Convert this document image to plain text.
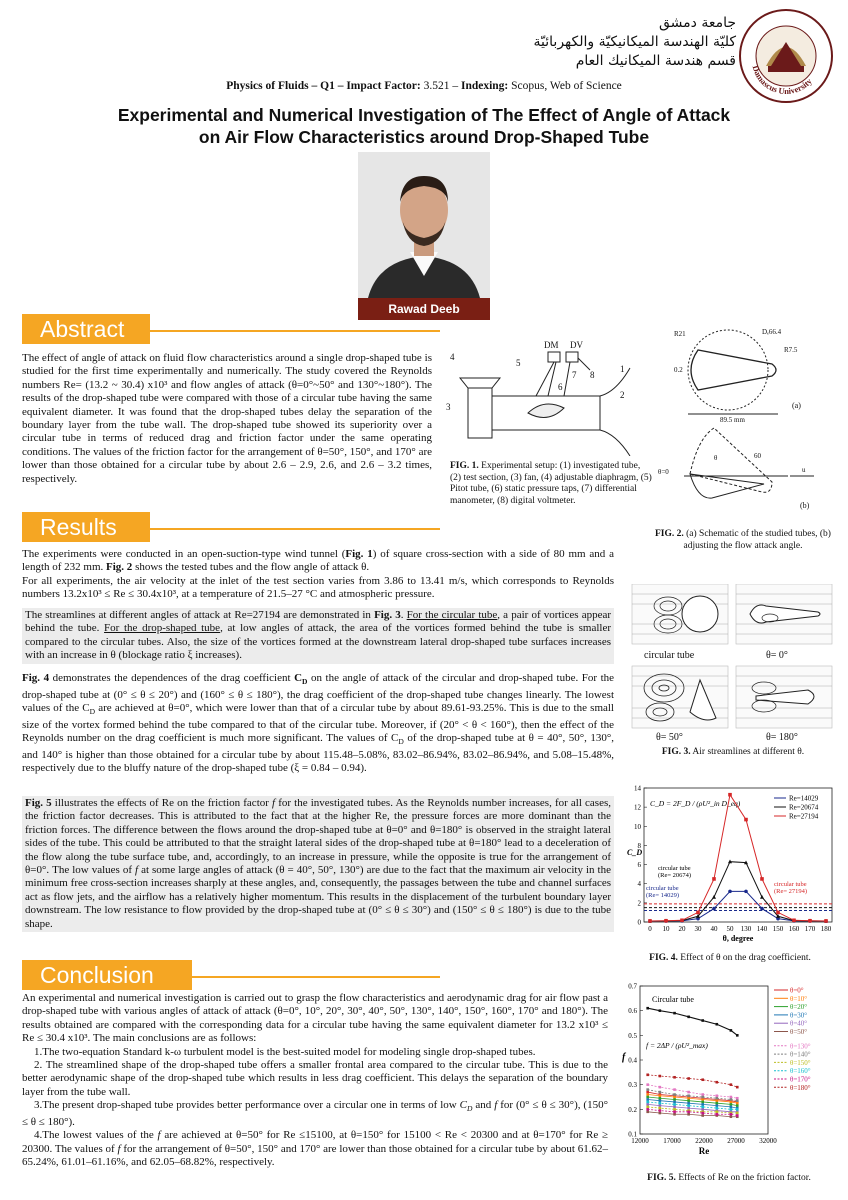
جامعة دمشق
كليّة الهندسة الميكانيكيّة والكهربائيّة
قسم هندسة الميكانيك العام Damascus University
Physics of Fluids – Q1 – Impact Factor: 3.521 – Indexing: Scopus, Web of Science
Experimental and Numerical Investigation of The Effect of Angle of Attack
on Air Flow Characteristics around Drop-Shaped Tube
Rawad Deeb
Abstract

The effect of angle of attack on fluid flow characteristics around a single drop-shaped tube is studied for the first time experimentally and numerically. The study covered the Reynolds numbers Re= (13.2 ~ 30.4) x10³ and flow angles of attack (θ=0°~50° and 130°~180°). The results of the drop-shaped tube were compared with those of a circular tube having the same equivalent diameter. It was found that the drop-shaped tubes delay the separation of the boundary layer from the tube wall. The drop-shaped tube showed its superiority over a circular tube in terms of reduced drag and friction factor under the same operating conditions. The values of the friction factor for the arrangement of θ=50°, 150°, and 170° are lower than those obtained for a circular tube by about 2.6 – 2.9, 2.6, and 2.6 – 3.2 times, respectively.

1
2
3
4
5
6
7 8
DM DV
FIG. 1. Experimental setup: (1) investigated tube, (2) test section, (3) fan, (4) adjustable diaphragm, (5) Pitot tube, (6) static pressure taps, (7) differential manometer, (8) digital voltmeter.
R21	Dₑ66.4
R7.5
0.2
89.5 mm
θ=0
θ
u
60
(a)
(b)
FIG. 2. (a) Schematic of the studied tubes, (b) adjusting the flow attack angle.
Results

The experiments were conducted in an open-suction-type wind tunnel (Fig. 1) of square cross-section with a side of 80 mm and a length of 232 mm. Fig. 2 shows the tested tubes and the flow angle of attack θ.

For all experiments, the air velocity at the inlet of the test section varies from 3.86 to 13.41 m/s, which corresponds to Reynolds numbers 13.2x10³ ≤ Re ≤ 30.4x10³, at a temperature of 21.5–27 °C and atmospheric pressure.

The streamlines at different angles of attack at Re=27194 are demonstrated in Fig. 3. For the circular tube, a pair of vortices appear behind the tube. For the drop-shaped tube, at low angles of attack, the area of the vortices formed behind the tube is smaller compared to the circular tubes. Also, the size of the vortices formed at the downstream lateral drop-shaped tube surfaces increases with an increase in θ (blockage ratio ξ increases).

Fig. 4 demonstrates the dependences of the drag coefficient $C_D$ on the angle of attack of the circular and drop-shaped tube. For the drop-shaped tube at (0° ≤ θ ≤ 20°) and (160° ≤ θ ≤ 180°), the drag coefficient of the drop-shaped tube changes linearly. The lowest values of the $C_D$ are achieved at θ=0°, which were lower than that of a circular tube by about 89.61-93.25%. This is due to the small size of the vortex formed behind the tube compared to that of the circular tube. Moreover, if (20° < θ < 160°), then the effect of the Reynolds number on the drag coefficient is much more significant. The values of $C_D$ of the drop-shaped tube at θ = 40°, 50°, 130°, and 140° is higher than those obtained for a circular tube by about 115.48–5.08%, 83.02–86.94%, 83.02–86.94%, and 5.08–15.48%, respectively due to the bluffy nature of the drop-shaped tube (ξ = 0.84 – 0.94).

Fig. 5 illustrates the effects of Re on the friction factor f for the investigated tubes. As the Reynolds number increases, for all cases, the friction factor decreases. This is attributed to the fact that at the higher Re, the pressure forces are more dominant than the friction forces. The difference between the flows around the drop-shaped tube at θ=0° and θ=180° is observed in the straight lateral sides of the tube. This could be attributed to that the straight lateral sides of the drop-shaped tube at θ=180° lead to a deceleration of the flow along the tube surface tube, and, accordingly, to an increase in pressure, while the opposite is true for the arrangement of θ=0°. The low values of f at some large angles of attack (θ = 40°, 50°, 130°) are due to the fact that the maximum air velocity in the minimum free cross-section increases sharply at these angles, and, consequently, the passages between the tube and channel surfaces act as flow jets, and the airflow has a relatively higher momentum. This results in the displacement of the turbulent boundary layer downstream. The low resistance to flow provided by the drop-shaped tube at (0° ≤ θ ≤ 30°) and (150° ≤ θ ≤ 180°) is due to the tube shape.

circular tube	θ= 0°
θ= 50°	θ= 180°
FIG. 3. Air streamlines at different θ.
0
2
4
6
8
10
12
14
0 10 20 30 40 50 130 140 150 160 170 180
θ, degree
C_D
C_D = 2F_D / (ρU²_in D_eq)
circular tube
(Re= 20674)
circular tube
(Re= 14029)
circular tube
(Re= 27194)
Re=14029
Re=20674
Re=27194
FIG. 4. Effect of θ on the drag coefficient.
Conclusion

An experimental and numerical investigation is carried out to grasp the flow characteristics and aerodynamic drag for air flow past a drop-shaped tube with various angles of attack of attack (θ=0°, 10°, 20°, 30°, 40°, 50°, 130°, 140°, 150°, 160°, 170° and 180°). The results obtained are compared with the corresponding data for a circular tube having the same equivalent diameter for 13.2 x10³ ≤ Re ≤ 30.4 x10³. The main conclusions are as follows:

1.The two-equation Standard k-ω turbulent model is the best-suited model for modeling single drop-shaped tubes.

2. The streamlined shape of the drop-shaped tube offers a smaller frontal area compared to the circular tube. This is due to the better aerodynamic shape of the drop-shaped tube which results in less drag coefficient. This delays the separation of the boundary layer from the tube wall.

3.The present drop-shaped tube provides better performance over a circular one in terms of low $C_D$ and f for (0° ≤ θ ≤ 30°), (150° ≤ θ ≤ 180°).

4.The lowest values of the f are achieved at θ=50° for Re ≤15100, at θ=150° for 15100 < Re < 20300 and at θ=170° for Re ≥ 20300. The values of f for the arrangement of θ=50°, 150° and 170° are lower than those obtained for a circular tube by about 61.62–65.24%, 61.01–61.16%, and 62.05–68.82%, respectively.

0.1
0.2
0.3
0.4
0.5
0.6
0.7
12000 17000 22000 27000 32000
Re
f
Circular tube
f = 2ΔP / (ρU²_max)
θ=0°
θ=10°
θ=20°
θ=30°
θ=40°
θ=50°
θ=130°
θ=140°
θ=150°
θ=160°
θ=170°
θ=180°
FIG. 5. Effects of Re on the friction factor.
